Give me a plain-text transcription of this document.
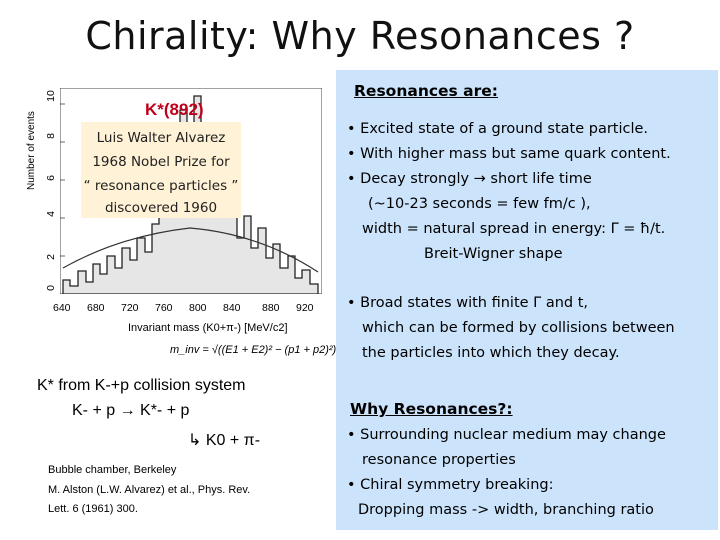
Chirality: Why Resonances ?
Resonances are:
• Excited state of a ground state particle.
• With higher mass but same quark content.
• Decay strongly → short life time
(~10-23 seconds = few fm/c ),
width = natural spread in energy: Γ = ħ/t.
Breit-Wigner shape
• Broad states with finite Γ and t,
which can be formed by collisions between
the particles into which they decay.
Why Resonances?:
• Surrounding nuclear medium may change
resonance properties
• Chiral symmetry breaking:
Dropping mass -> width, branching ratio
Number of events
0
2
4
6
8
10
K*(892)
Luis Walter Alvarez
1968 Nobel Prize for
“ resonance particles ”
discovered 1960
640 680 720 760 800 840 880 920
Invariant mass (K0+π-) [MeV/c2]
m_inv = √((E1 + E2)² − (p1 + p2)²)
K* from K-+p collision system
K- + p → K*- + p
↳ K0 + π-
Bubble chamber, Berkeley
M. Alston (L.W. Alvarez) et al., Phys. Rev.
Lett. 6 (1961) 300.
